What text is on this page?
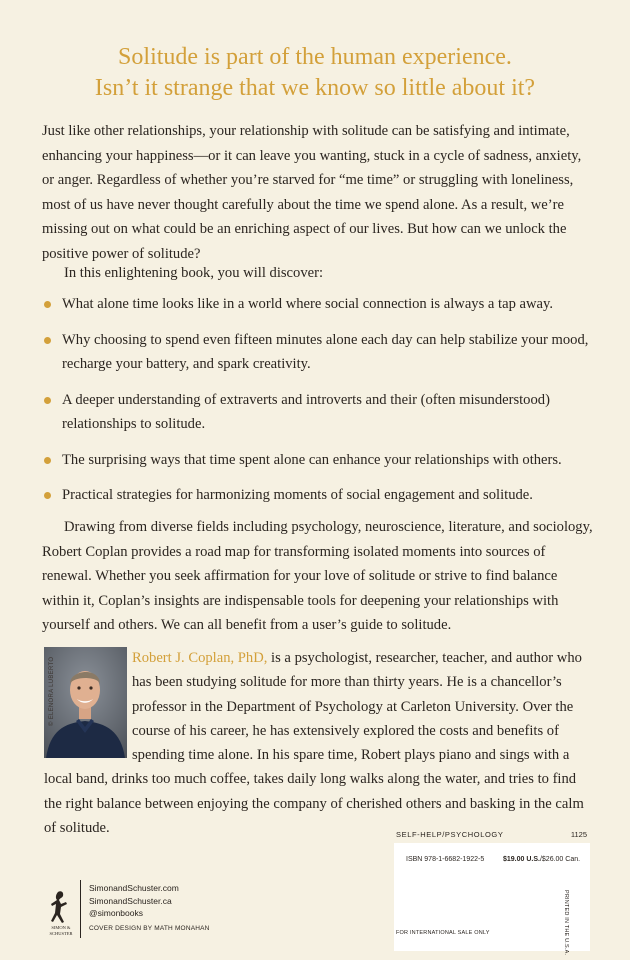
Solitude is part of the human experience.
Isn’t it strange that we know so little about it?

Just like other relationships, your relationship with solitude can be satisfying and intimate, enhancing your happiness—or it can leave you wanting, stuck in a cycle of sadness, anxiety, or anger. Regardless of whether you’re starved for “me time” or struggling with loneliness, most of us have never thought carefully about the time we spend alone. As a result, we’re missing out on what could be an enriching aspect of our lives. But how can we unlock the positive power of solitude?

In this enlightening book, you will discover:

What alone time looks like in a world where social connection is always a tap away.
Why choosing to spend even fifteen minutes alone each day can help stabilize your mood, recharge your battery, and spark creativity.
A deeper understanding of extraverts and introverts and their (often misunderstood) relationships to solitude.
The surprising ways that time spent alone can enhance your relationships with others.
Practical strategies for harmonizing moments of social engagement and solitude.

Drawing from diverse fields including psychology, neuroscience, literature, and sociology, Robert Coplan provides a road map for transforming isolated moments into sources of renewal. Whether you seek affirmation for your love of solitude or strive to find balance within it, Coplan’s insights are indispensable tools for deepening your relationships with yourself and others. We can all benefit from a user’s guide to solitude.

© ELENORA LUBERTO	Robert J. Coplan, PhD, is a psychologist, researcher, teacher, and author who has been studying solitude for more than thirty years. He is a chancellor’s professor in the Department of Psychology at Carleton University. Over the course of his career, he has extensively explored the costs and benefits of spending time alone. In his spare time, Robert plays piano and sings with a local band, drinks too much coffee, takes daily long walks along the water, and tries to find the right balance between enjoying the company of cherished others and basking in the calm of solitude.

SIMON &
SCHUSTER
SimonandSchuster.com
SimonandSchuster.ca
@simonbooks
COVER DESIGN BY MATH MONAHAN
SELF-HELP/PSYCHOLOGY	1125
ISBN 978-1-6682-1922-5	$19.00 U.S./$26.00 Can.
FOR INTERNATIONAL SALE ONLY	PRINTED IN THE U.S.A.
